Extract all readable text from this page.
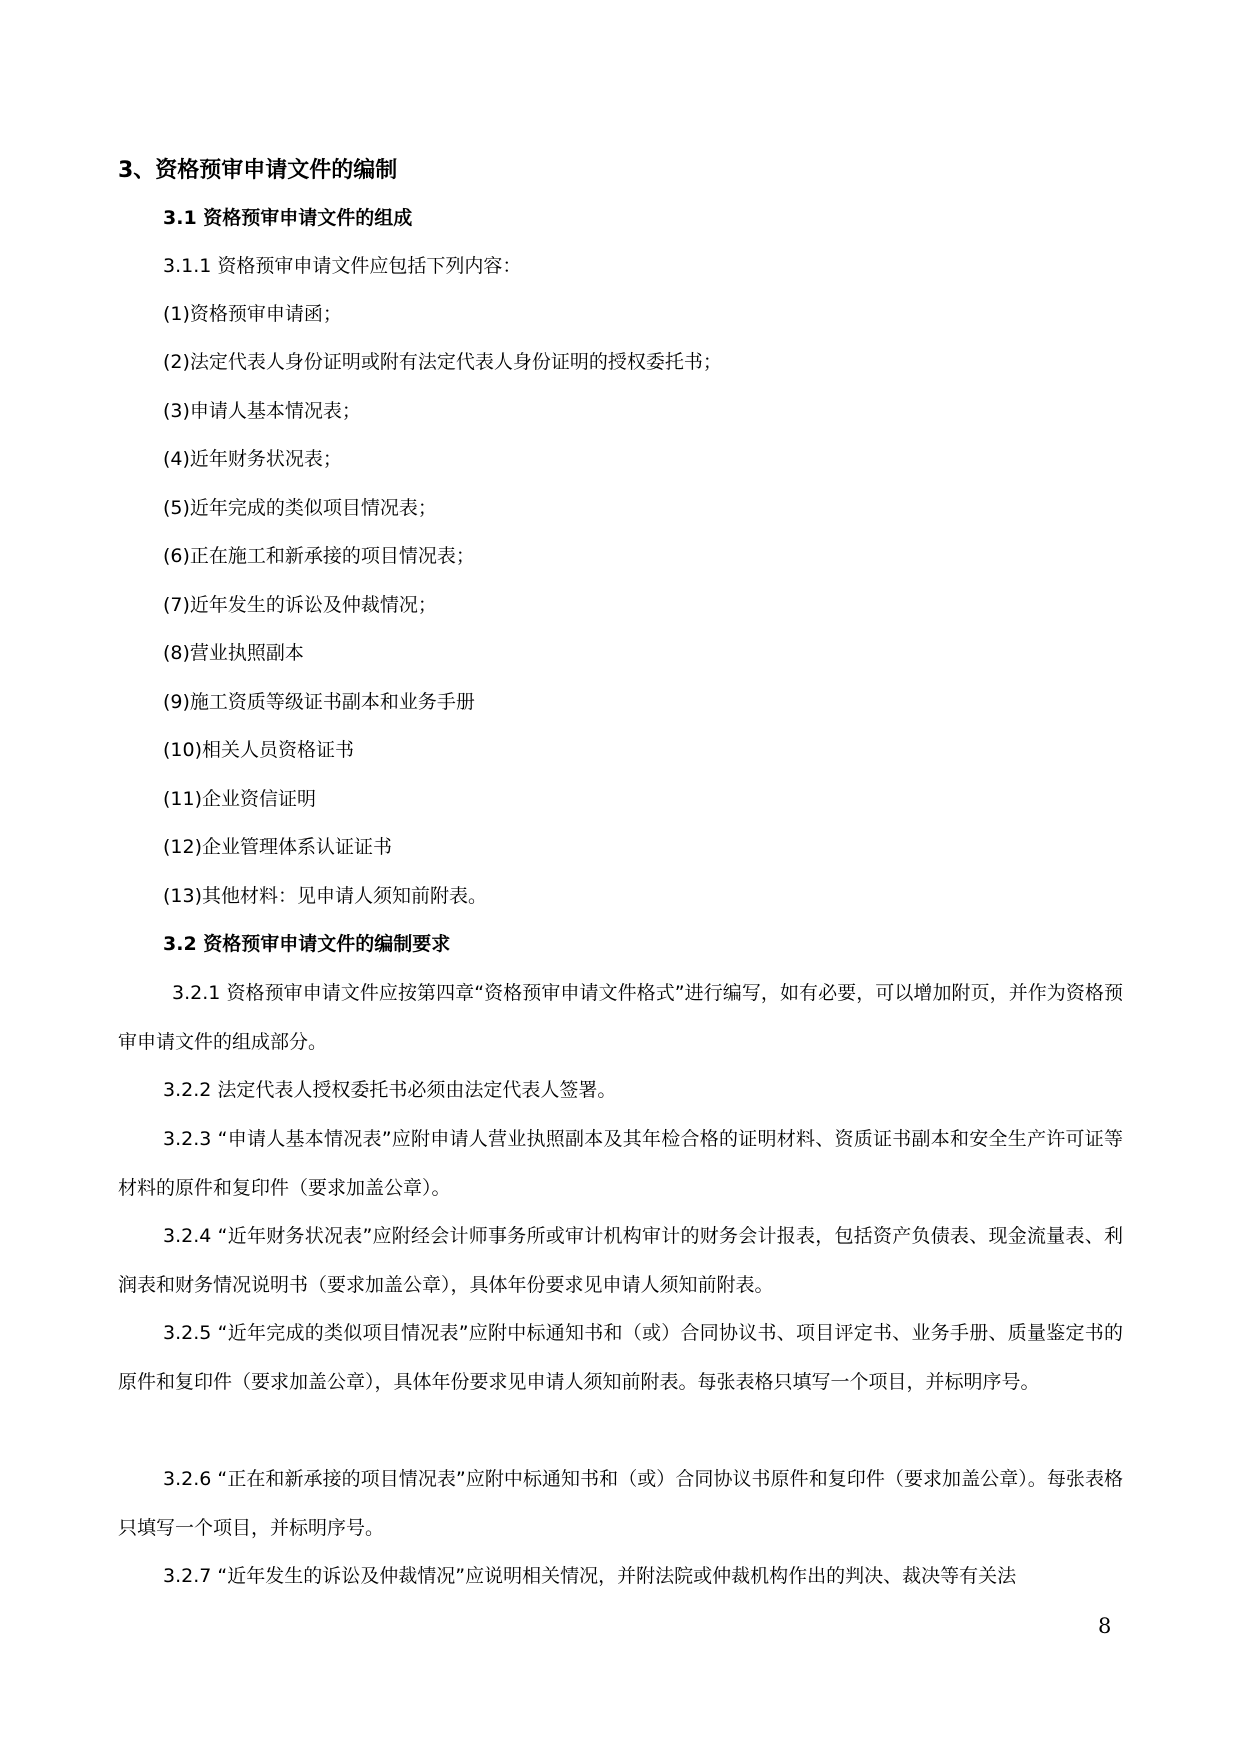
3、资格预审申请文件的编制
3.1 资格预审申请文件的组成
3.1.1 资格预审申请文件应包括下列内容：
(1)资格预审申请函；
(2)法定代表人身份证明或附有法定代表人身份证明的授权委托书；
(3)申请人基本情况表；
(4)近年财务状况表；
(5)近年完成的类似项目情况表；
(6)正在施工和新承接的项目情况表；
(7)近年发生的诉讼及仲裁情况；
(8)营业执照副本
(9)施工资质等级证书副本和业务手册
(10)相关人员资格证书
(11)企业资信证明
(12)企业管理体系认证证书
(13)其他材料：见申请人须知前附表。
3.2 资格预审申请文件的编制要求
3.2.1 资格预审申请文件应按第四章“资格预审申请文件格式”进行编写，如有必要，可以增加附页，并作为资格预审申请文件的组成部分。
3.2.2 法定代表人授权委托书必须由法定代表人签署。
3.2.3 “申请人基本情况表”应附申请人营业执照副本及其年检合格的证明材料、资质证书副本和安全生产许可证等材料的原件和复印件（要求加盖公章）。
3.2.4 “近年财务状况表”应附经会计师事务所或审计机构审计的财务会计报表，包括资产负债表、现金流量表、利润表和财务情况说明书（要求加盖公章），具体年份要求见申请人须知前附表。
3.2.5 “近年完成的类似项目情况表”应附中标通知书和（或）合同协议书、项目评定书、业务手册、质量鉴定书的原件和复印件（要求加盖公章），具体年份要求见申请人须知前附表。每张表格只填写一个项目，并标明序号。
3.2.6 “正在和新承接的项目情况表”应附中标通知书和（或）合同协议书原件和复印件（要求加盖公章）。每张表格只填写一个项目，并标明序号。
3.2.7 “近年发生的诉讼及仲裁情况”应说明相关情况，并附法院或仲裁机构作出的判决、裁决等有关法
8
